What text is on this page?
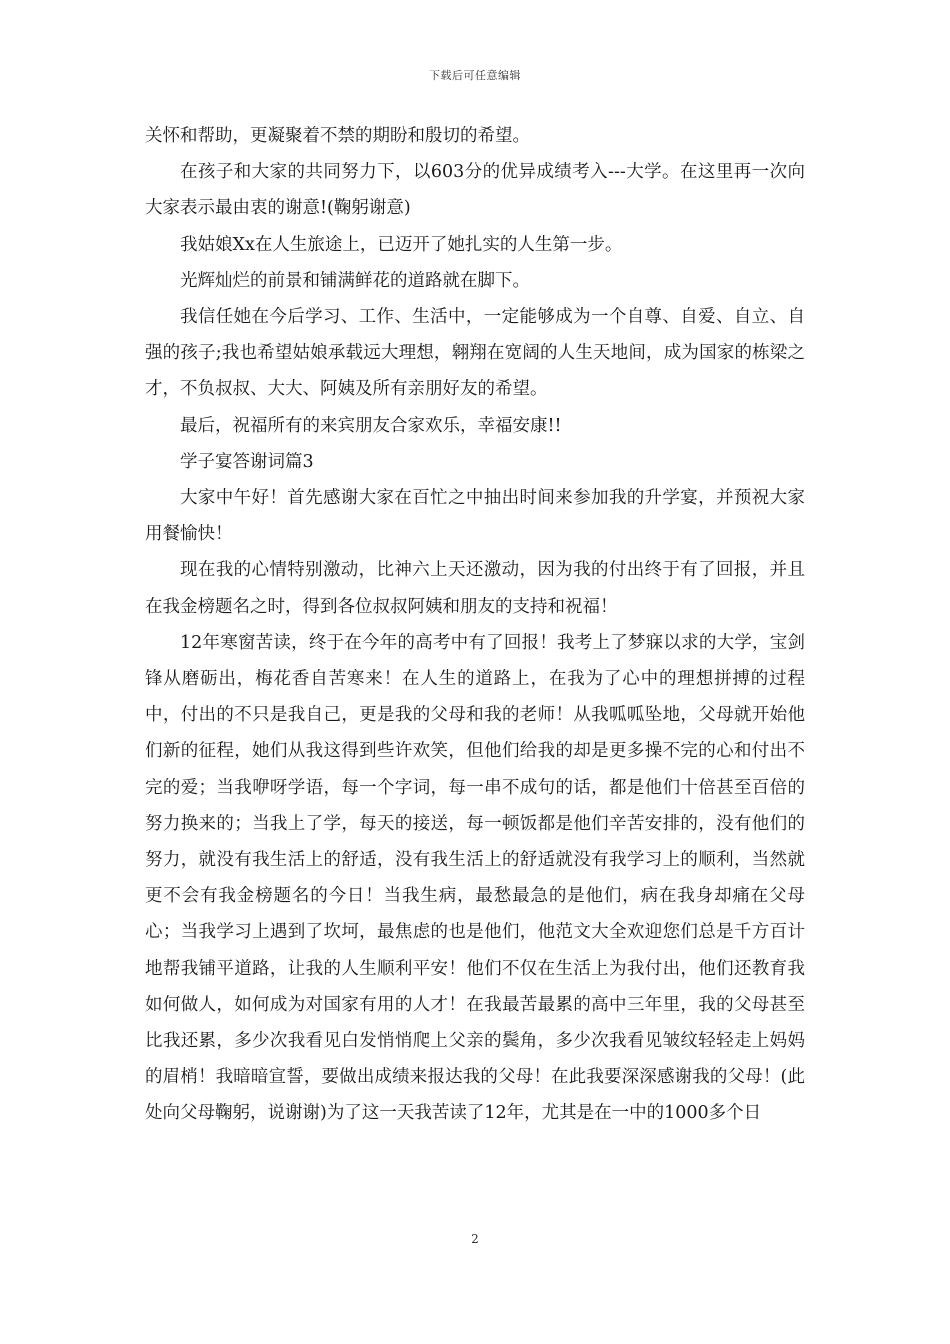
下载后可任意编辑

关怀和帮助，更凝聚着不禁的期盼和殷切的希望。

在孩子和大家的共同努力下，以603分的优异成绩考入---大学。在这里再一次向大家表示最由衷的谢意!(鞠躬谢意)

我姑娘Xx在人生旅途上，已迈开了她扎实的人生第一步。

光辉灿烂的前景和铺满鲜花的道路就在脚下。

我信任她在今后学习、工作、生活中，一定能够成为一个自尊、自爱、自立、自强的孩子;我也希望姑娘承载远大理想，翱翔在宽阔的人生天地间，成为国家的栋梁之才，不负叔叔、大大、阿姨及所有亲朋好友的希望。

最后，祝福所有的来宾朋友合家欢乐，幸福安康!!

学子宴答谢词篇3

大家中午好！首先感谢大家在百忙之中抽出时间来参加我的升学宴，并预祝大家用餐愉快！

现在我的心情特别激动，比神六上天还激动，因为我的付出终于有了回报，并且在我金榜题名之时，得到各位叔叔阿姨和朋友的支持和祝福！

12年寒窗苦读，终于在今年的高考中有了回报！我考上了梦寐以求的大学，宝剑锋从磨砺出，梅花香自苦寒来！在人生的道路上，在我为了心中的理想拼搏的过程中，付出的不只是我自己，更是我的父母和我的老师！从我呱呱坠地，父母就开始他们新的征程，她们从我这得到些许欢笑，但他们给我的却是更多操不完的心和付出不完的爱；当我咿呀学语，每一个字词，每一串不成句的话，都是他们十倍甚至百倍的努力换来的；当我上了学，每天的接送，每一顿饭都是他们辛苦安排的，没有他们的努力，就没有我生活上的舒适，没有我生活上的舒适就没有我学习上的顺利，当然就更不会有我金榜题名的今日！当我生病，最愁最急的是他们，病在我身却痛在父母心；当我学习上遇到了坎坷，最焦虑的也是他们，他范文大全欢迎您们总是千方百计地帮我铺平道路，让我的人生顺利平安！他们不仅在生活上为我付出，他们还教育我如何做人，如何成为对国家有用的人才！在我最苦最累的高中三年里，我的父母甚至比我还累，多少次我看见白发悄悄爬上父亲的鬓角，多少次我看见皱纹轻轻走上妈妈的眉梢！我暗暗宣誓，要做出成绩来报达我的父母！在此我要深深感谢我的父母！(此处向父母鞠躬，说谢谢)为了这一天我苦读了12年，尤其是在一中的1000多个日

2
